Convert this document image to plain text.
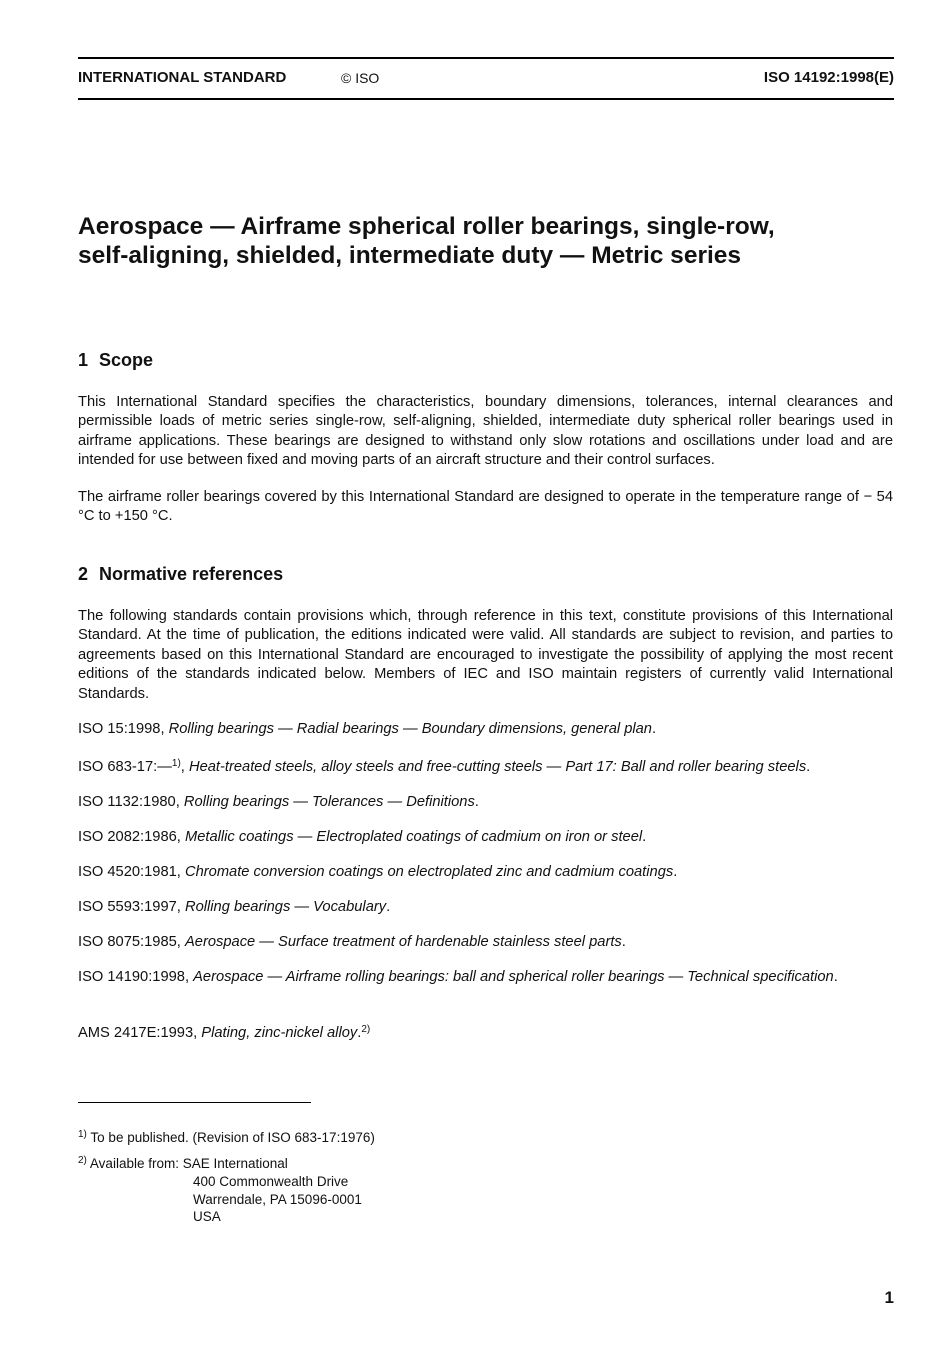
INTERNATIONAL STANDARD	© ISO	ISO 14192:1998(E)
Aerospace — Airframe spherical roller bearings, single-row,
self-aligning, shielded, intermediate duty — Metric series
1 Scope
This International Standard specifies the characteristics, boundary dimensions, tolerances, internal clearances and permissible loads of metric series single-row, self-aligning, shielded, intermediate duty spherical roller bearings used in airframe applications. These bearings are designed to withstand only slow rotations and oscillations under load and are intended for use between fixed and moving parts of an aircraft structure and their control surfaces.
The airframe roller bearings covered by this International Standard are designed to operate in the temperature range of − 54 °C to +150 °C.
2 Normative references
The following standards contain provisions which, through reference in this text, constitute provisions of this International Standard. At the time of publication, the editions indicated were valid. All standards are subject to revision, and parties to agreements based on this International Standard are encouraged to investigate the possibility of applying the most recent editions of the standards indicated below. Members of IEC and ISO maintain registers of currently valid International Standards.
ISO 15:1998, Rolling bearings — Radial bearings — Boundary dimensions, general plan.
ISO 683-17:—$^{1)}$, Heat-treated steels, alloy steels and free-cutting steels — Part 17: Ball and roller bearing steels.
ISO 1132:1980, Rolling bearings — Tolerances — Definitions.
ISO 2082:1986, Metallic coatings — Electroplated coatings of cadmium on iron or steel.
ISO 4520:1981, Chromate conversion coatings on electroplated zinc and cadmium coatings.
ISO 5593:1997, Rolling bearings — Vocabulary.
ISO 8075:1985, Aerospace — Surface treatment of hardenable stainless steel parts.
ISO 14190:1998, Aerospace — Airframe rolling bearings: ball and spherical roller bearings — Technical specification.
AMS 2417E:1993, Plating, zinc-nickel alloy.$^{2)}$
$^{1)}$ To be published. (Revision of ISO 683-17:1976)
$^{2)}$ Available from: SAE International
400 Commonwealth Drive
Warrendale, PA 15096-0001
USA
1
